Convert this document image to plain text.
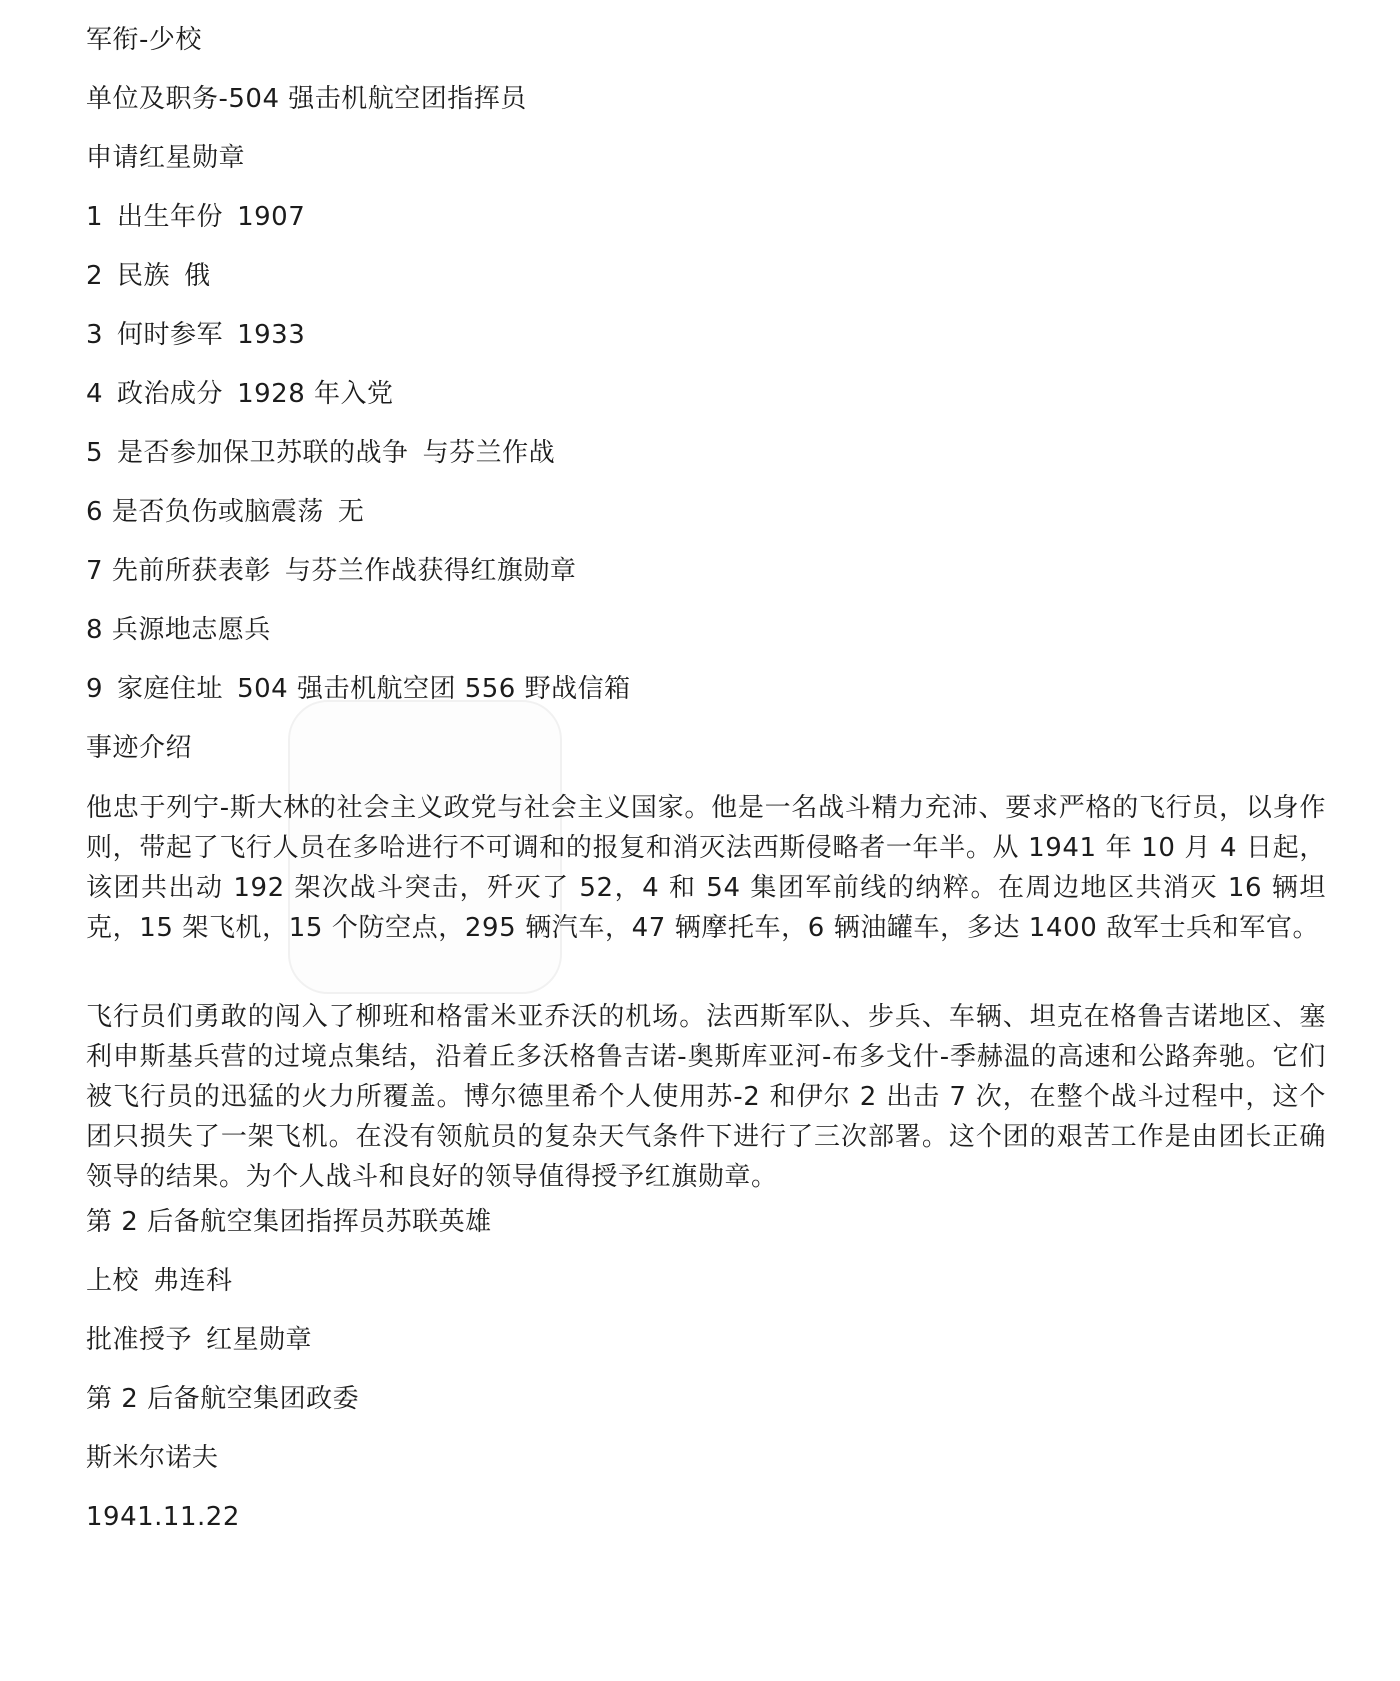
军衔-少校
单位及职务-504 强击机航空团指挥员
申请红星勋章
1 出生年份 1907
2 民族 俄
3 何时参军 1933
4 政治成分 1928 年入党
5 是否参加保卫苏联的战争 与芬兰作战
6 是否负伤或脑震荡 无
7 先前所获表彰 与芬兰作战获得红旗勋章
8 兵源地志愿兵
9 家庭住址 504 强击机航空团 556 野战信箱
事迹介绍
他忠于列宁-斯大林的社会主义政党与社会主义国家。他是一名战斗精力充沛、要求严格的飞行员，以身作则，带起了飞行人员在多哈进行不可调和的报复和消灭法西斯侵略者一年半。从 1941 年 10 月 4 日起，该团共出动 192 架次战斗突击，歼灭了 52，4 和 54 集团军前线的纳粹。在周边地区共消灭 16 辆坦克，15 架飞机，15 个防空点，295 辆汽车，47 辆摩托车，6 辆油罐车，多达 1400 敌军士兵和军官。
飞行员们勇敢的闯入了柳班和格雷米亚乔沃的机场。法西斯军队、步兵、车辆、坦克在格鲁吉诺地区、塞利申斯基兵营的过境点集结，沿着丘多沃格鲁吉诺-奥斯库亚河-布多戈什-季赫温的高速和公路奔驰。它们被飞行员的迅猛的火力所覆盖。博尔德里希个人使用苏-2 和伊尔 2 出击 7 次，在整个战斗过程中，这个团只损失了一架飞机。在没有领航员的复杂天气条件下进行了三次部署。这个团的艰苦工作是由团长正确领导的结果。为个人战斗和良好的领导值得授予红旗勋章。
第 2 后备航空集团指挥员苏联英雄
上校 弗连科
批准授予 红星勋章
第 2 后备航空集团政委
斯米尔诺夫
1941.11.22
